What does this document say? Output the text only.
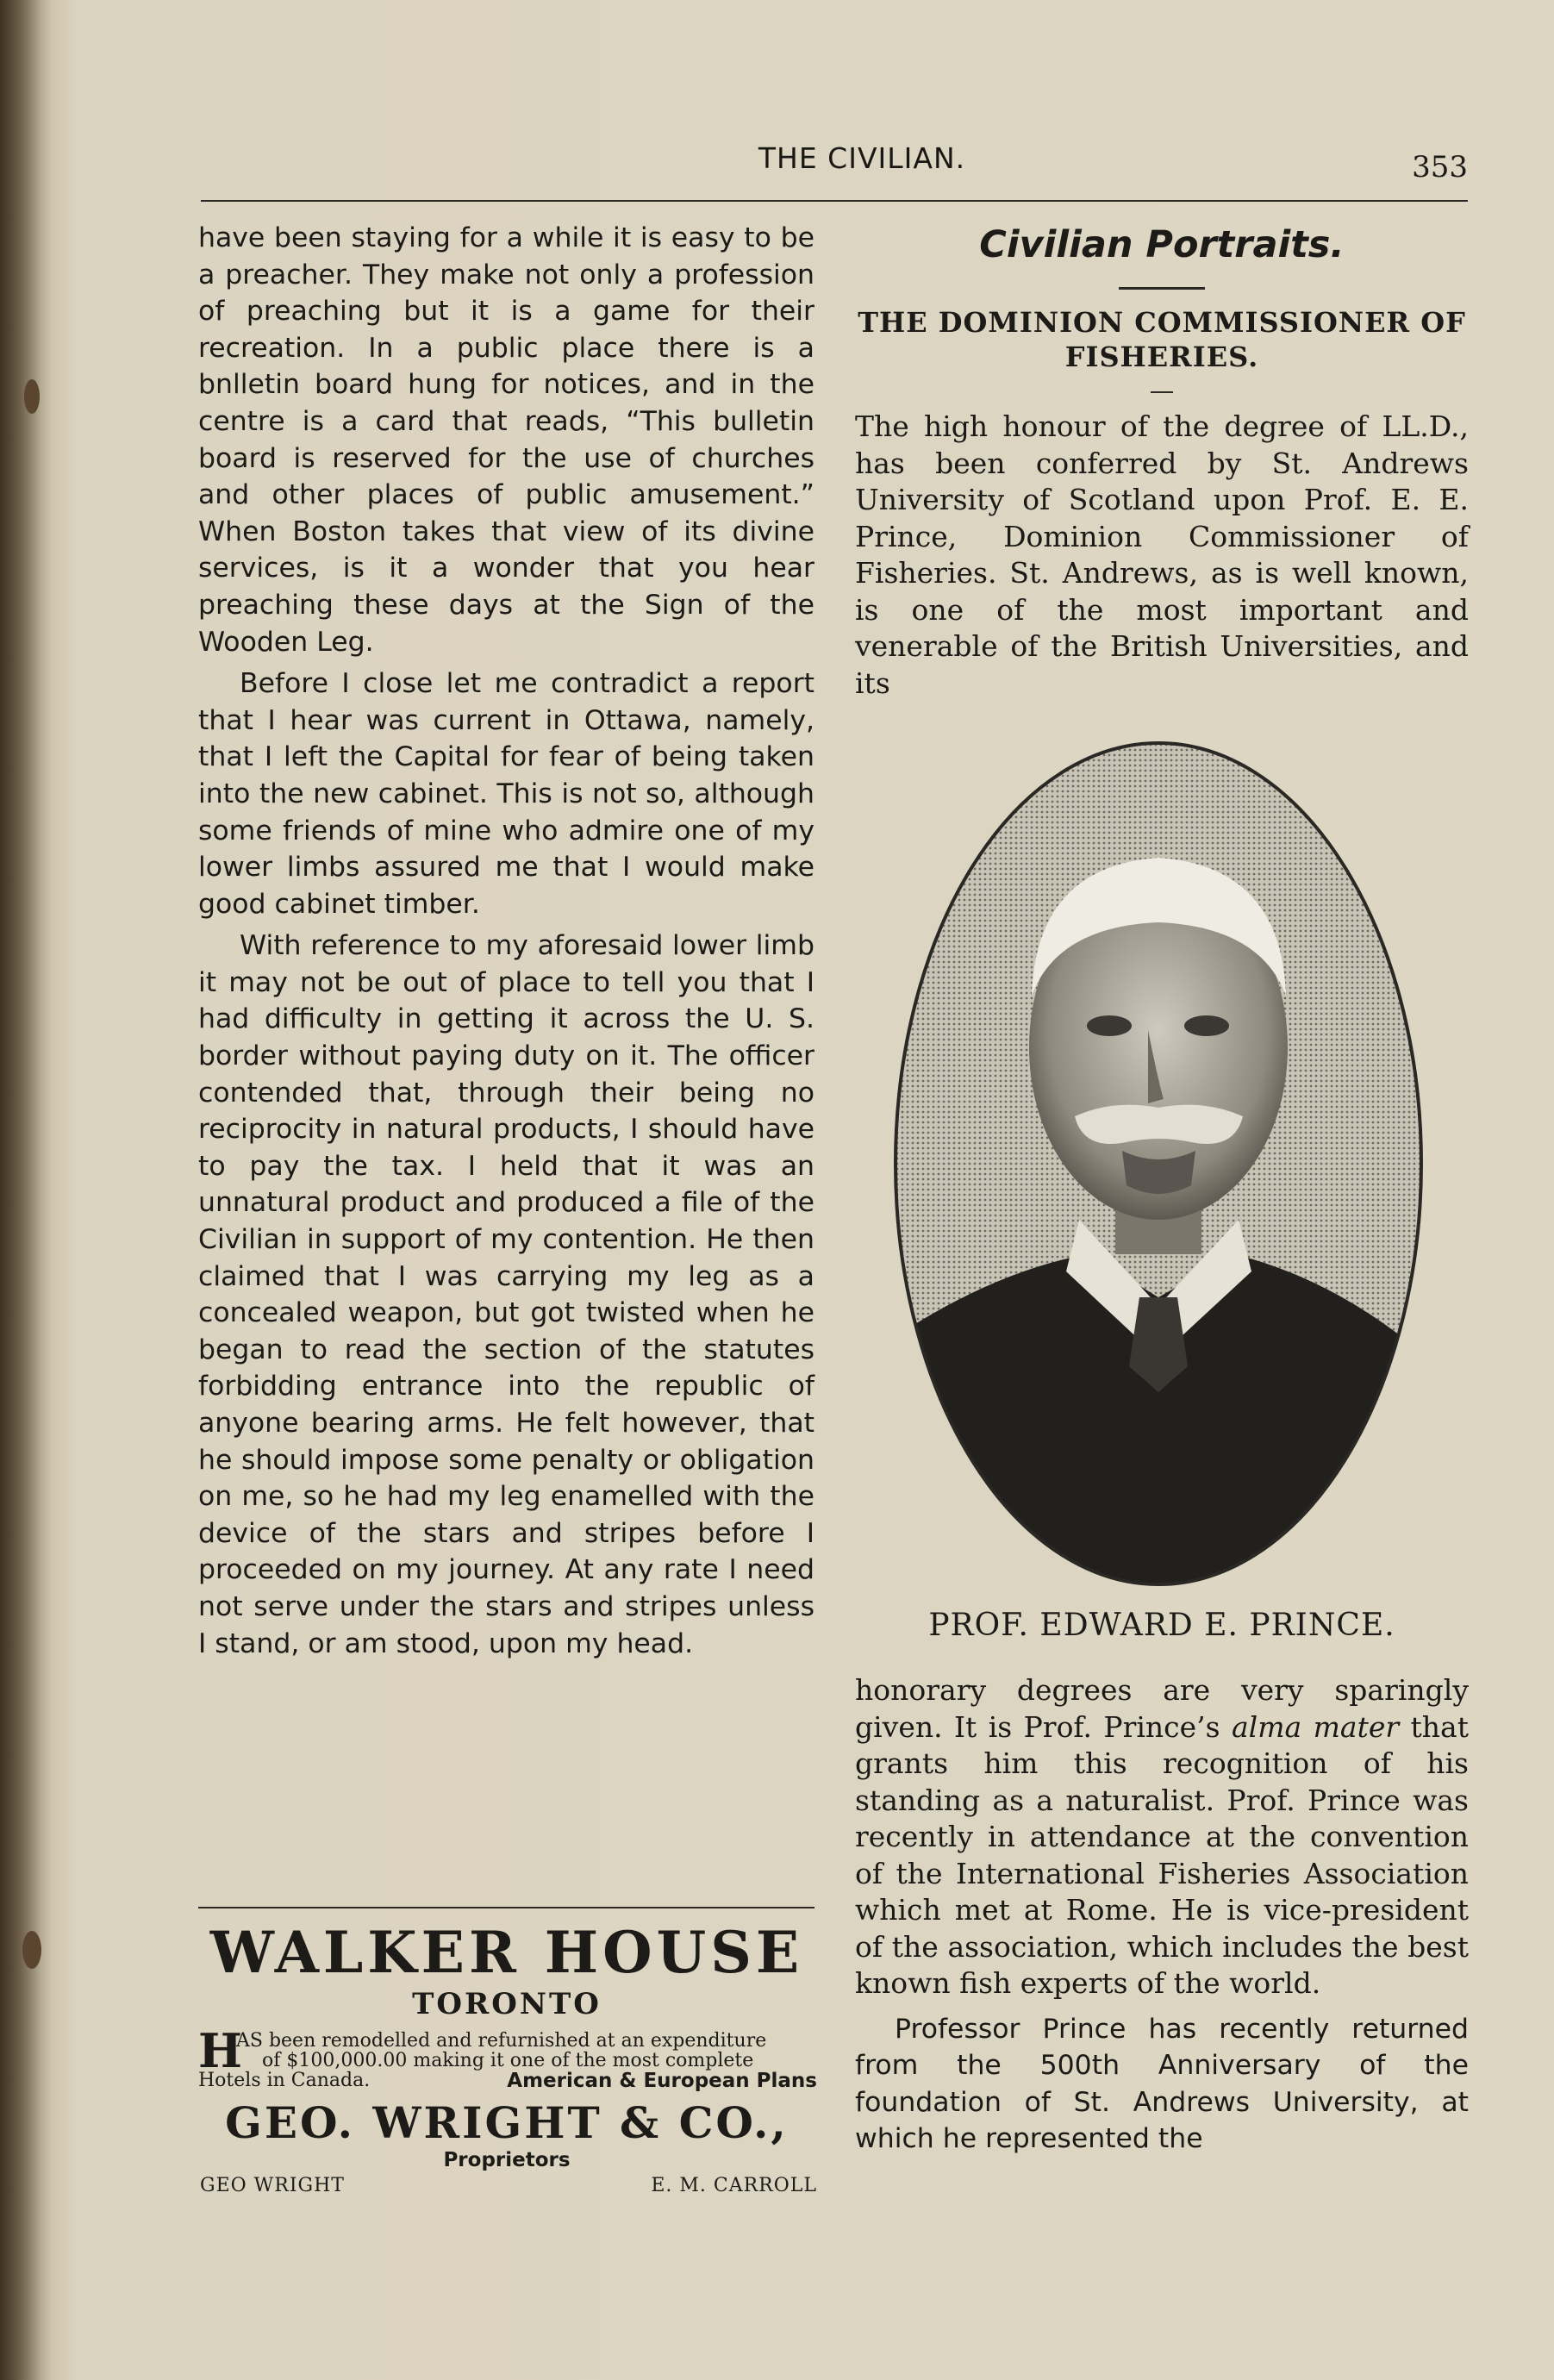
THE CIVILIAN.	353

have been staying for a while it is easy to be a preacher. They make not only a profession of preaching but it is a game for their recreation. In a public place there is a bnlletin board hung for notices, and in the centre is a card that reads, “This bulletin board is reserved for the use of churches and other places of public amusement.” When Boston takes that view of its divine services, is it a wonder that you hear preaching these days at the Sign of the Wooden Leg.

Before I close let me contradict a report that I hear was current in Ottawa, namely, that I left the Capital for fear of being taken into the new cabinet. This is not so, although some friends of mine who admire one of my lower limbs assured me that I would make good cabinet timber.

With reference to my aforesaid lower limb it may not be out of place to tell you that I had difficulty in getting it across the U. S. border without paying duty on it. The officer contended that, through their being no reciprocity in natural products, I should have to pay the tax. I held that it was an unnatural product and produced a file of the Civilian in support of my contention. He then claimed that I was carrying my leg as a concealed weapon, but got twisted when he began to read the section of the statutes forbidding entrance into the republic of anyone bearing arms. He felt however, that he should impose some penalty or obligation on me, so he had my leg enamelled with the device of the stars and stripes before I proceeded on my journey. At any rate I need not serve under the stars and stripes unless I stand, or am stood, upon my head.

WALKER HOUSE

TORONTO

H
AS been remodelled and refurnished at an expenditure
of $100,000.00 making it one of the most complete
Hotels in Canada.	American & European Plans

GEO. WRIGHT & CO.,

Proprietors

GEO WRIGHT	E. M. CARROLL

Civilian Portraits.

THE DOMINION COMMISSIONER OF FISHERIES.

The high honour of the degree of LL.D., has been conferred by St. Andrews University of Scotland upon Prof. E. E. Prince, Dominion Commissioner of Fisheries. St. Andrews, as is well known, is one of the most important and venerable of the British Universities, and its

PROF. EDWARD E. PRINCE.

honorary degrees are very sparingly given. It is Prof. Prince’s alma mater that grants him this recognition of his standing as a naturalist. Prof. Prince was recently in attendance at the convention of the International Fisheries Association which met at Rome. He is vice-president of the association, which includes the best known fish experts of the world.

Professor Prince has recently returned from the 500th Anniversary of the foundation of St. Andrews University, at which he represented the
